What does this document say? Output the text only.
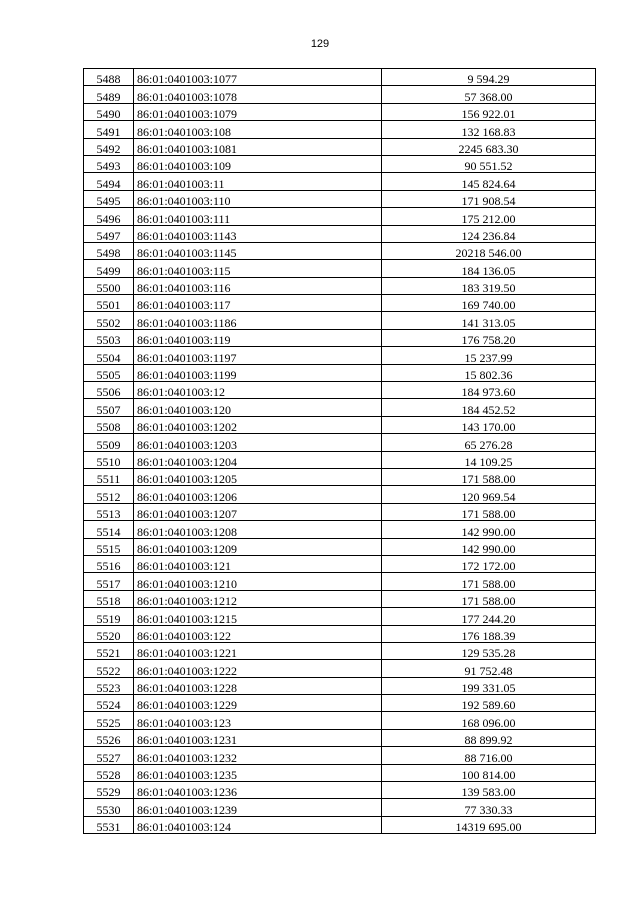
129
5488	86:01:0401003:1077	9 594.29
5489	86:01:0401003:1078	57 368.00
5490	86:01:0401003:1079	156 922.01
5491	86:01:0401003:108	132 168.83
5492	86:01:0401003:1081	2245 683.30
5493	86:01:0401003:109	90 551.52
5494	86:01:0401003:11	145 824.64
5495	86:01:0401003:110	171 908.54
5496	86:01:0401003:111	175 212.00
5497	86:01:0401003:1143	124 236.84
5498	86:01:0401003:1145	20218 546.00
5499	86:01:0401003:115	184 136.05
5500	86:01:0401003:116	183 319.50
5501	86:01:0401003:117	169 740.00
5502	86:01:0401003:1186	141 313.05
5503	86:01:0401003:119	176 758.20
5504	86:01:0401003:1197	15 237.99
5505	86:01:0401003:1199	15 802.36
5506	86:01:0401003:12	184 973.60
5507	86:01:0401003:120	184 452.52
5508	86:01:0401003:1202	143 170.00
5509	86:01:0401003:1203	65 276.28
5510	86:01:0401003:1204	14 109.25
5511	86:01:0401003:1205	171 588.00
5512	86:01:0401003:1206	120 969.54
5513	86:01:0401003:1207	171 588.00
5514	86:01:0401003:1208	142 990.00
5515	86:01:0401003:1209	142 990.00
5516	86:01:0401003:121	172 172.00
5517	86:01:0401003:1210	171 588.00
5518	86:01:0401003:1212	171 588.00
5519	86:01:0401003:1215	177 244.20
5520	86:01:0401003:122	176 188.39
5521	86:01:0401003:1221	129 535.28
5522	86:01:0401003:1222	91 752.48
5523	86:01:0401003:1228	199 331.05
5524	86:01:0401003:1229	192 589.60
5525	86:01:0401003:123	168 096.00
5526	86:01:0401003:1231	88 899.92
5527	86:01:0401003:1232	88 716.00
5528	86:01:0401003:1235	100 814.00
5529	86:01:0401003:1236	139 583.00
5530	86:01:0401003:1239	77 330.33
5531	86:01:0401003:124	14319 695.00
